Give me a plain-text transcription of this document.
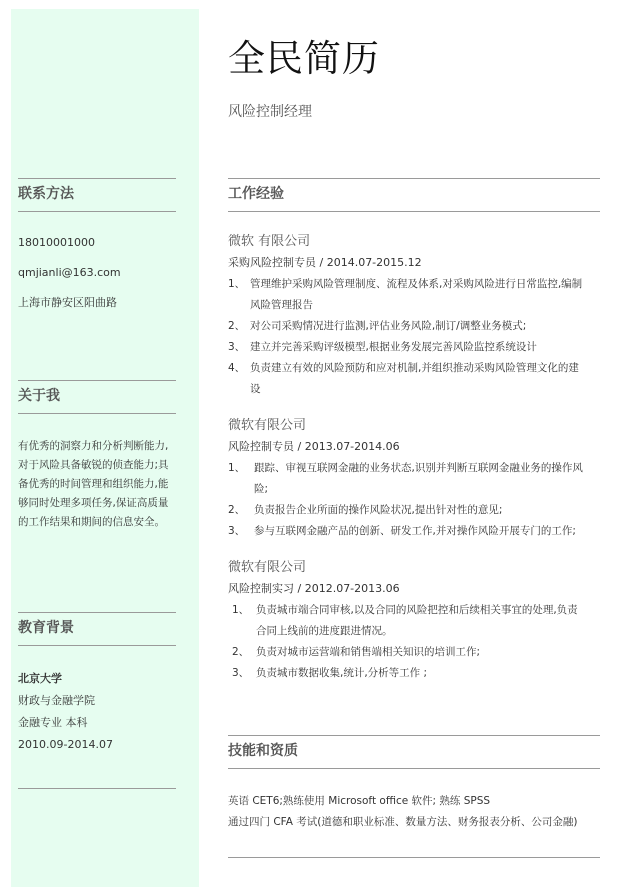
联系方法
18010001000
qmjianli@163.com
上海市静安区阳曲路
关于我
有优秀的洞察力和分析判断能力,
对于风险具备敏锐的侦查能力;具
备优秀的时间管理和组织能力,能
够同时处理多项任务,保证高质量
的工作结果和期间的信息安全。
教育背景
北京大学
财政与金融学院
金融专业 本科
2010.09-2014.07
全民简历
风险控制经理
工作经验
微软 有限公司
采购风险控制专员 / 2014.07-2015.12
1、 管理维护采购风险管理制度、流程及体系,对采购风险进行日常监控,编制
风险管理报告
2、 对公司采购情况进行监测,评估业务风险,制订/调整业务模式;
3、 建立并完善采购评级模型,根据业务发展完善风险监控系统设计
4、 负责建立有效的风险预防和应对机制,并组织推动采购风险管理文化的建
设
微软有限公司
风险控制专员 / 2013.07-2014.06
1、 跟踪、审视互联网金融的业务状态,识别并判断互联网金融业务的操作风
险;
2、 负责报告企业所面的操作风险状况,提出针对性的意见;
3、 参与互联网金融产品的创新、研发工作,并对操作风险开展专门的工作;
微软有限公司
风险控制实习 / 2012.07-2013.06
1、 负责城市端合同审核,以及合同的风险把控和后续相关事宜的处理,负责
合同上线前的进度跟进情况。
2、 负责对城市运营端和销售端相关知识的培训工作;
3、 负责城市数据收集,统计,分析等工作 ;
技能和资质
英语 CET6;熟练使用 Microsoft office 软件; 熟练 SPSS
通过四门 CFA 考试(道德和职业标准、数量方法、财务报表分析、公司金融)
